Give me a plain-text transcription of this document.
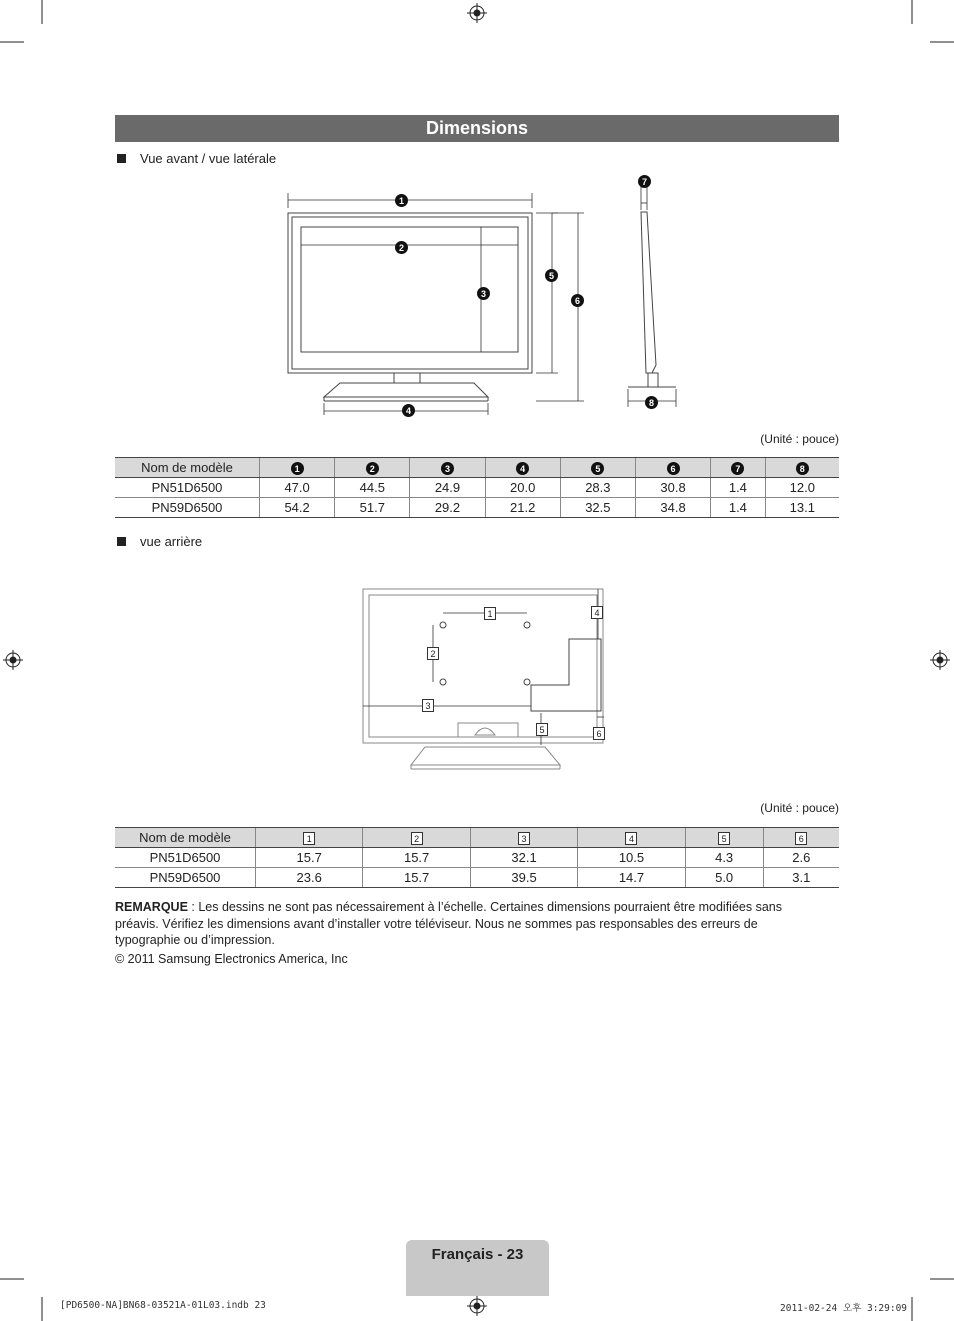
Dimensions
Vue avant / vue latérale
1
2
3
4
5
6
7
8
(Unité : pouce)
Nom de modèle	1	2	3	4	5	6	7	8
PN51D6500	47.0	44.5	24.9	20.0	28.3	30.8	1.4	12.0
PN59D6500	54.2	51.7	29.2	21.2	32.5	34.8	1.4	13.1
vue arrière
1
2
3
4
5	6
(Unité : pouce)
Nom de modèle	1	2	3	4	5	6
PN51D6500	15.7	15.7	32.1	10.5	4.3	2.6
PN59D6500	23.6	15.7	39.5	14.7	5.0	3.1
REMARQUE : Les dessins ne sont pas nécessairement à l’échelle. Certaines dimensions pourraient être modifiées sans préavis. Vérifiez les dimensions avant d’installer votre téléviseur. Nous ne sommes pas responsables des erreurs de typographie ou d’impression.
© 2011 Samsung Electronics America, Inc
Français - 23
[PD6500-NA]BN68-03521A-01L03.indb 23	2011-02-24 오후 3:29:09
